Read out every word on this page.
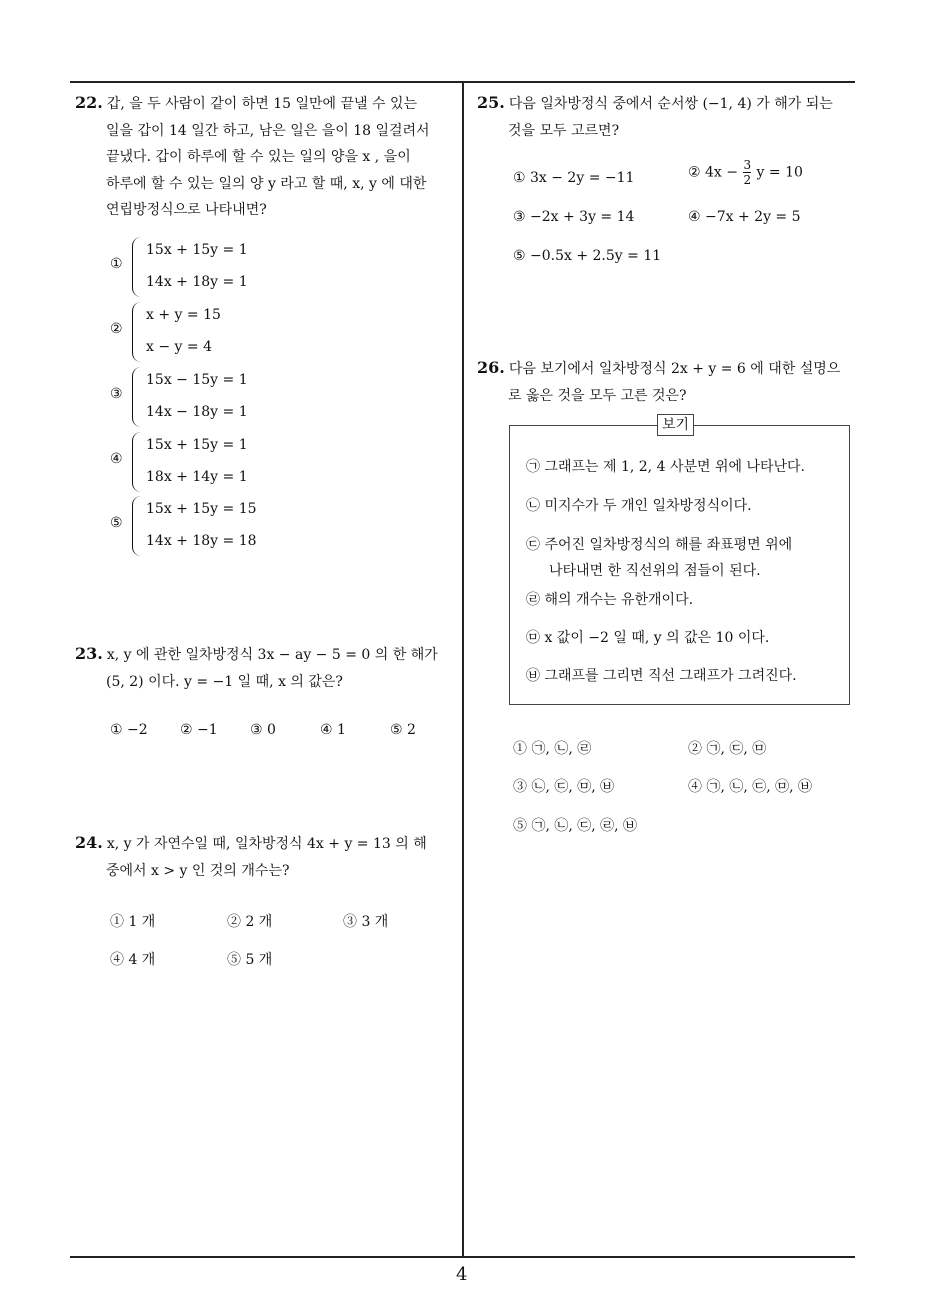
22. 갑, 을 두 사람이 같이 하면 15 일만에 끝낼 수 있는
일을 갑이 14 일간 하고, 남은 일은 을이 18 일걸려서
끝냈다. 갑이 하루에 할 수 있는 일의 양을 x , 을이
하루에 할 수 있는 일의 양 y 라고 할 때, x, y 에 대한
연립방정식으로 나타내면?
①
15x + 15y = 1
14x + 18y = 1
②
x + y = 15
x − y = 4
③
15x − 15y = 1
14x − 18y = 1
④
15x + 15y = 1
18x + 14y = 1
⑤
15x + 15y = 15
14x + 18y = 18
23. x, y 에 관한 일차방정식 3x − ay − 5 = 0 의 한 해가
(5, 2) 이다. y = −1 일 때, x 의 값은?
① −2 ② −1 ③ 0	④ 1	⑤ 2
24. x, y 가 자연수일 때, 일차방정식 4x + y = 13 의 해
중에서 x > y 인 것의 개수는?
① 1 개	② 2 개	③ 3 개
④ 4 개	⑤ 5 개
25. 다음 일차방정식 중에서 순서쌍 (−1, 4) 가 해가 되는
것을 모두 고르면?
① 3x − 2y = −11	② $4x - \frac{3}{2}$ y = 10
③ −2x + 3y = 14	④ −7x + 2y = 5
⑤ −0.5x + 2.5y = 11
26. 다음 보기에서 일차방정식 2x + y = 6 에 대한 설명으
로 옳은 것을 모두 고른 것은?
보기
㉠ 그래프는 제 1, 2, 4 사분면 위에 나타난다.
㉡ 미지수가 두 개인 일차방정식이다.
㉢ 주어진 일차방정식의 해를 좌표평면 위에
나타내면 한 직선위의 점들이 된다.
㉣ 해의 개수는 유한개이다.
㉤ x 값이 −2 일 때, y 의 값은 10 이다.
㉥ 그래프를 그리면 직선 그래프가 그려진다.
① ㉠, ㉡, ㉣	② ㉠, ㉢, ㉤
③ ㉡, ㉢, ㉤, ㉥	④ ㉠, ㉡, ㉢, ㉤, ㉥
⑤ ㉠, ㉡, ㉢, ㉣, ㉥
4
